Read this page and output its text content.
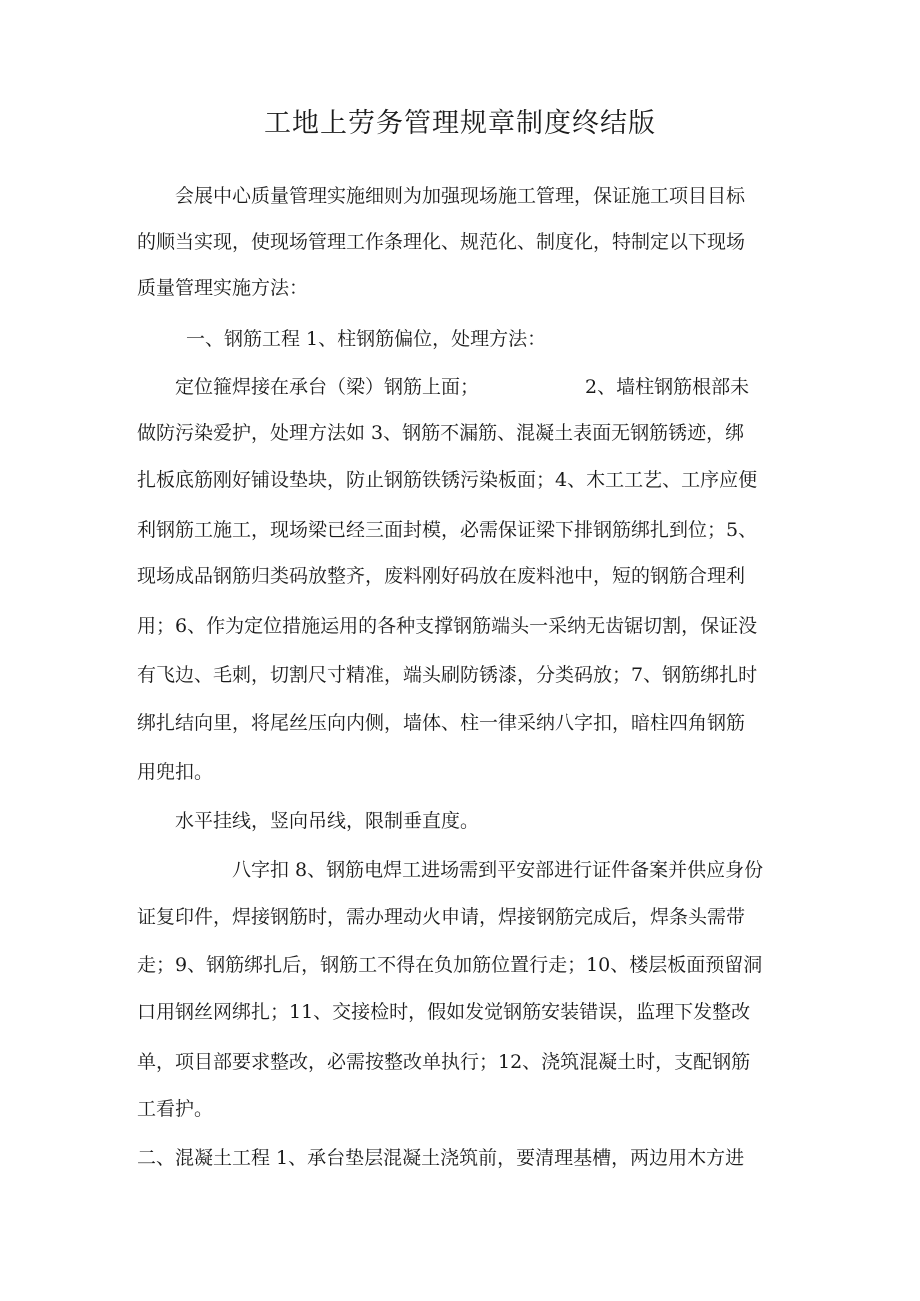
工地上劳务管理规章制度终结版

会展中心质量管理实施细则为加强现场施工管理，保证施工项目目标

的顺当实现，使现场管理工作条理化、规范化、制度化，特制定以下现场

质量管理实施方法：

一、钢筋工程 1、柱钢筋偏位，处理方法：

定位箍焊接在承台（梁）钢筋上面；	2、墙柱钢筋根部未

做防污染爱护，处理方法如 3、钢筋不漏筋、混凝土表面无钢筋锈迹，绑

扎板底筋刚好铺设垫块，防止钢筋铁锈污染板面；4、木工工艺、工序应便

利钢筋工施工，现场梁已经三面封模，必需保证梁下排钢筋绑扎到位；5、

现场成品钢筋归类码放整齐，废料刚好码放在废料池中，短的钢筋合理利

用；6、作为定位措施运用的各种支撑钢筋端头一采纳无齿锯切割，保证没

有飞边、毛刺，切割尺寸精准，端头刷防锈漆，分类码放；7、钢筋绑扎时

绑扎结向里，将尾丝压向内侧，墙体、柱一律采纳八字扣，暗柱四角钢筋

用兜扣。

水平挂线，竖向吊线，限制垂直度。

八字扣 8、钢筋电焊工进场需到平安部进行证件备案并供应身份

证复印件，焊接钢筋时，需办理动火申请，焊接钢筋完成后，焊条头需带

走；9、钢筋绑扎后，钢筋工不得在负加筋位置行走；10、楼层板面预留洞

口用钢丝网绑扎；11、交接检时，假如发觉钢筋安装错误，监理下发整改

单，项目部要求整改，必需按整改单执行；12、浇筑混凝土时，支配钢筋

工看护。

二、混凝土工程 1、承台垫层混凝土浇筑前，要清理基槽，两边用木方进
